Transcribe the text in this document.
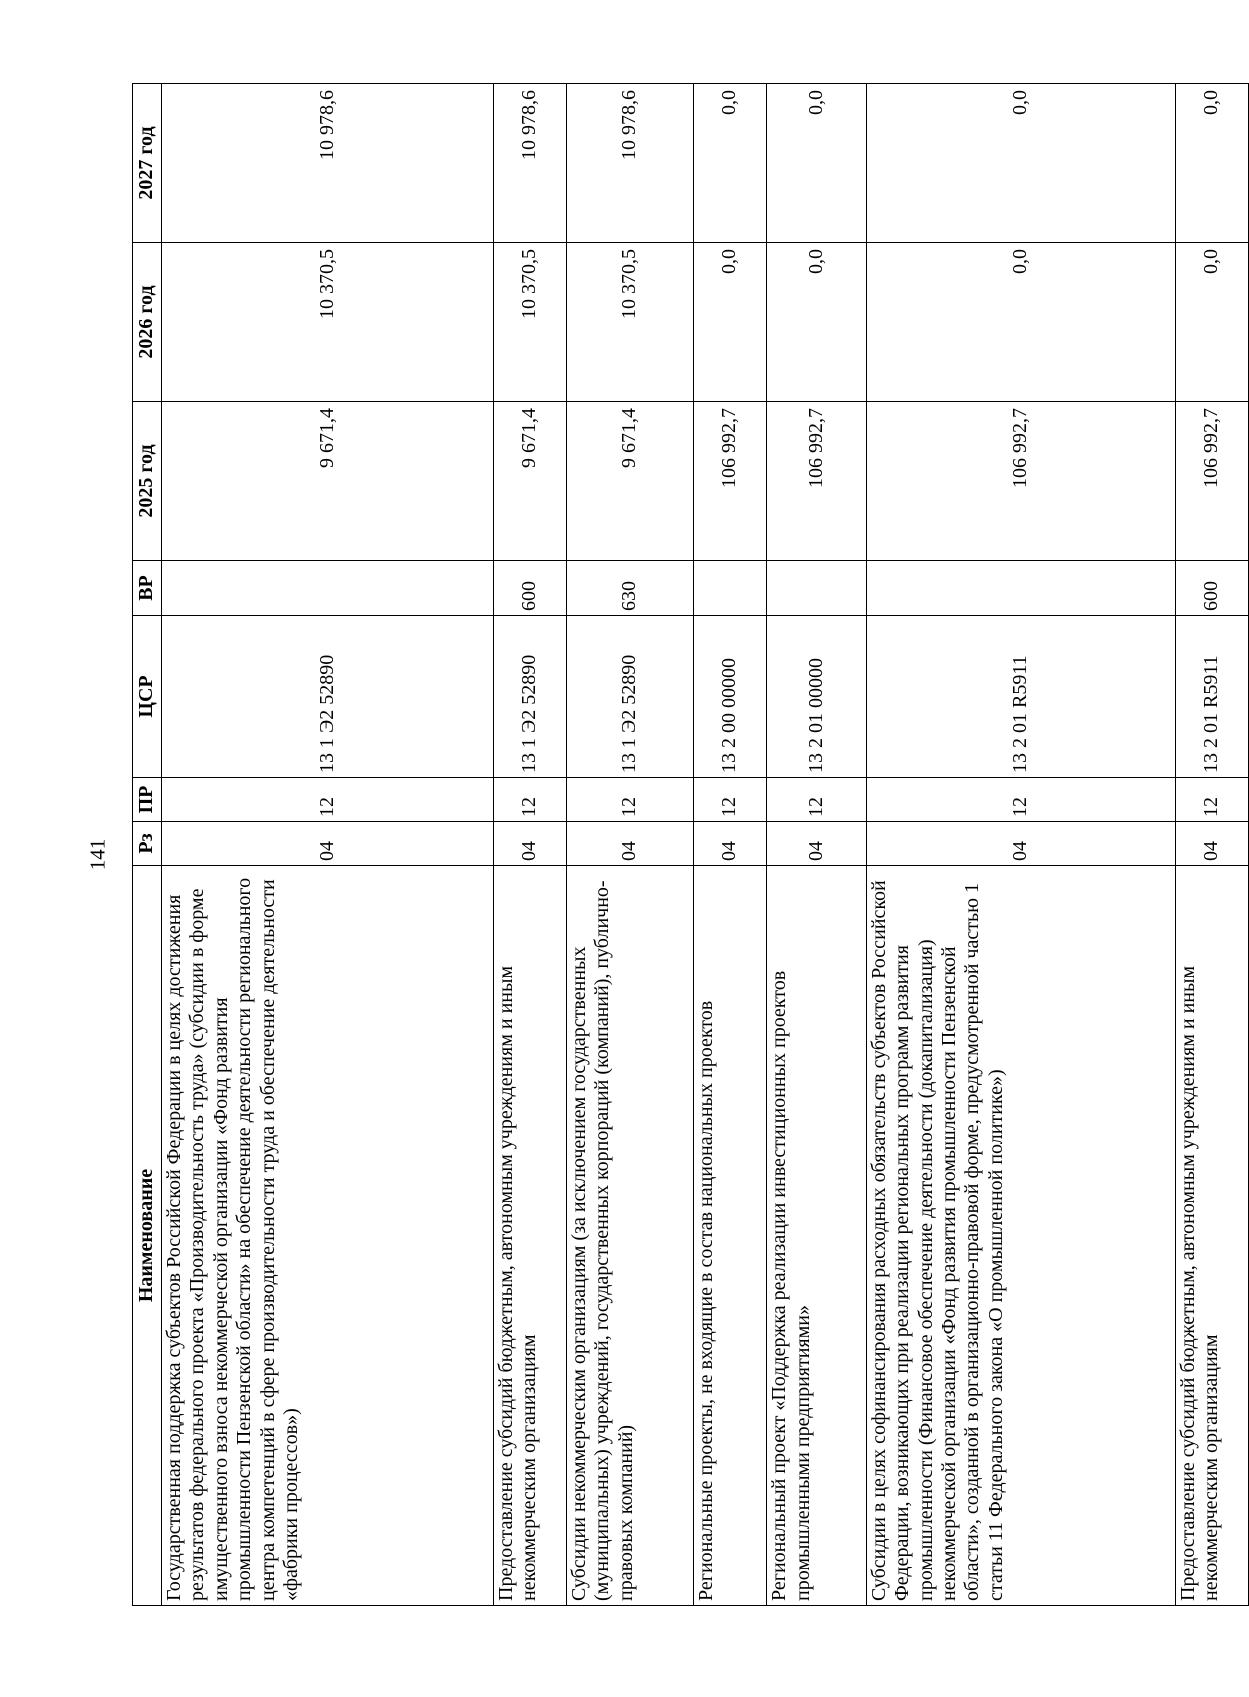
141
Наименование	Рз	ПР	ЦСР	ВР	2025 год	2026 год	2027 год
Государственная поддержка субъектов Российской Федерации в целях достижения результатов федерального проекта «Производительность труда» (субсидии в форме имущественного взноса некоммерческой организации «Фонд развития промышленности Пензенской области» на обеспечение деятельности регионального центра компетенций в сфере производительности труда и обеспечение деятельности «фабрики процессов»)	04	12	13 1 Э2 52890		9 671,4	10 370,5	10 978,6
Предоставление субсидий бюджетным, автономным учреждениям и иным некоммерческим организациям	04	12	13 1 Э2 52890	600	9 671,4	10 370,5	10 978,6
Субсидии некоммерческим организациям (за исключением государственных (муниципальных) учреждений, государственных корпораций (компаний), публично-правовых компаний)	04	12	13 1 Э2 52890	630	9 671,4	10 370,5	10 978,6
Региональные проекты, не входящие в состав национальных проектов	04	12	13 2 00 00000		106 992,7	0,0	0,0
Региональный проект «Поддержка реализации инвестиционных проектов промышленными предприятиями»	04	12	13 2 01 00000		106 992,7	0,0	0,0
Субсидии в целях софинансирования расходных обязательств субъектов Российской Федерации, возникающих при реализации региональных программ развития промышленности (Финансовое обеспечение деятельности (докапитализация) некоммерческой организации «Фонд развития промышленности Пензенской области», созданной в организационно-правовой форме, предусмотренной частью 1 статьи 11 Федерального закона «О промышленной политике»)	04	12	13 2 01 R5911		106 992,7	0,0	0,0
Предоставление субсидий бюджетным, автономным учреждениям и иным некоммерческим организациям	04	12	13 2 01 R5911	600	106 992,7	0,0	0,0
